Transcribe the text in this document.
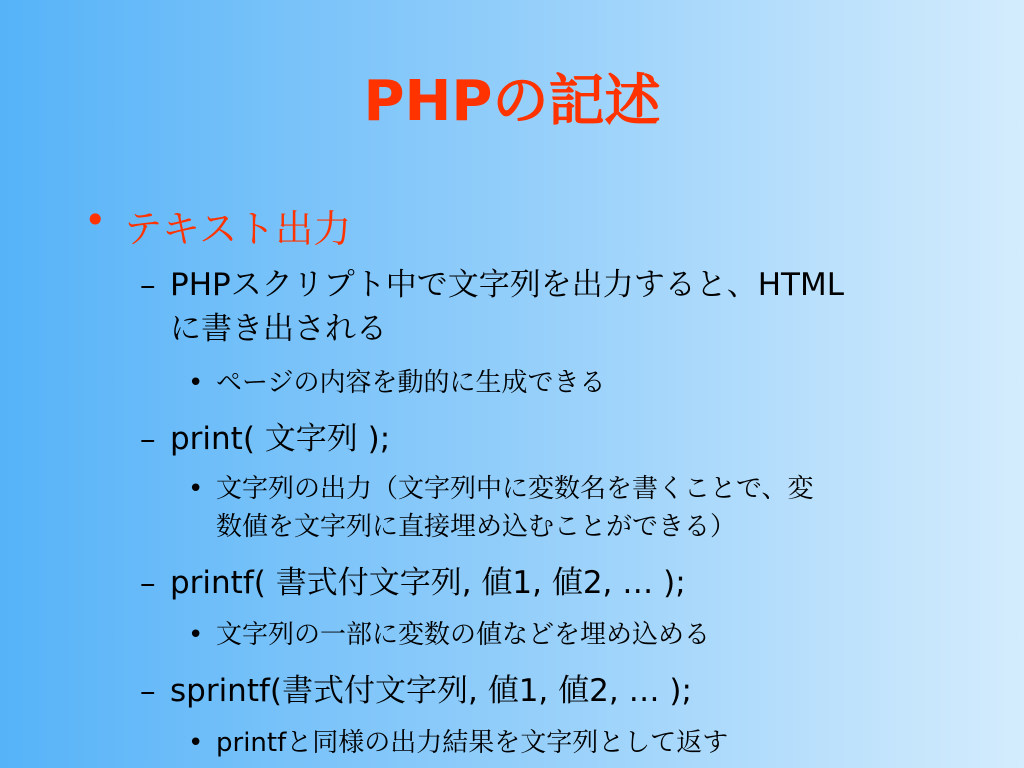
PHPの記述
• テキスト出力
– PHPスクリプト中で文字列を出力すると、HTML
に書き出される
• ページの内容を動的に生成できる
– print( 文字列 );
• 文字列の出力（文字列中に変数名を書くことで、変
数値を文字列に直接埋め込むことができる）
– printf( 書式付文字列, 値1, 値2, … );
• 文字列の一部に変数の値などを埋め込める
– sprintf(書式付文字列, 値1, 値2, … );
• printfと同様の出力結果を文字列として返す
